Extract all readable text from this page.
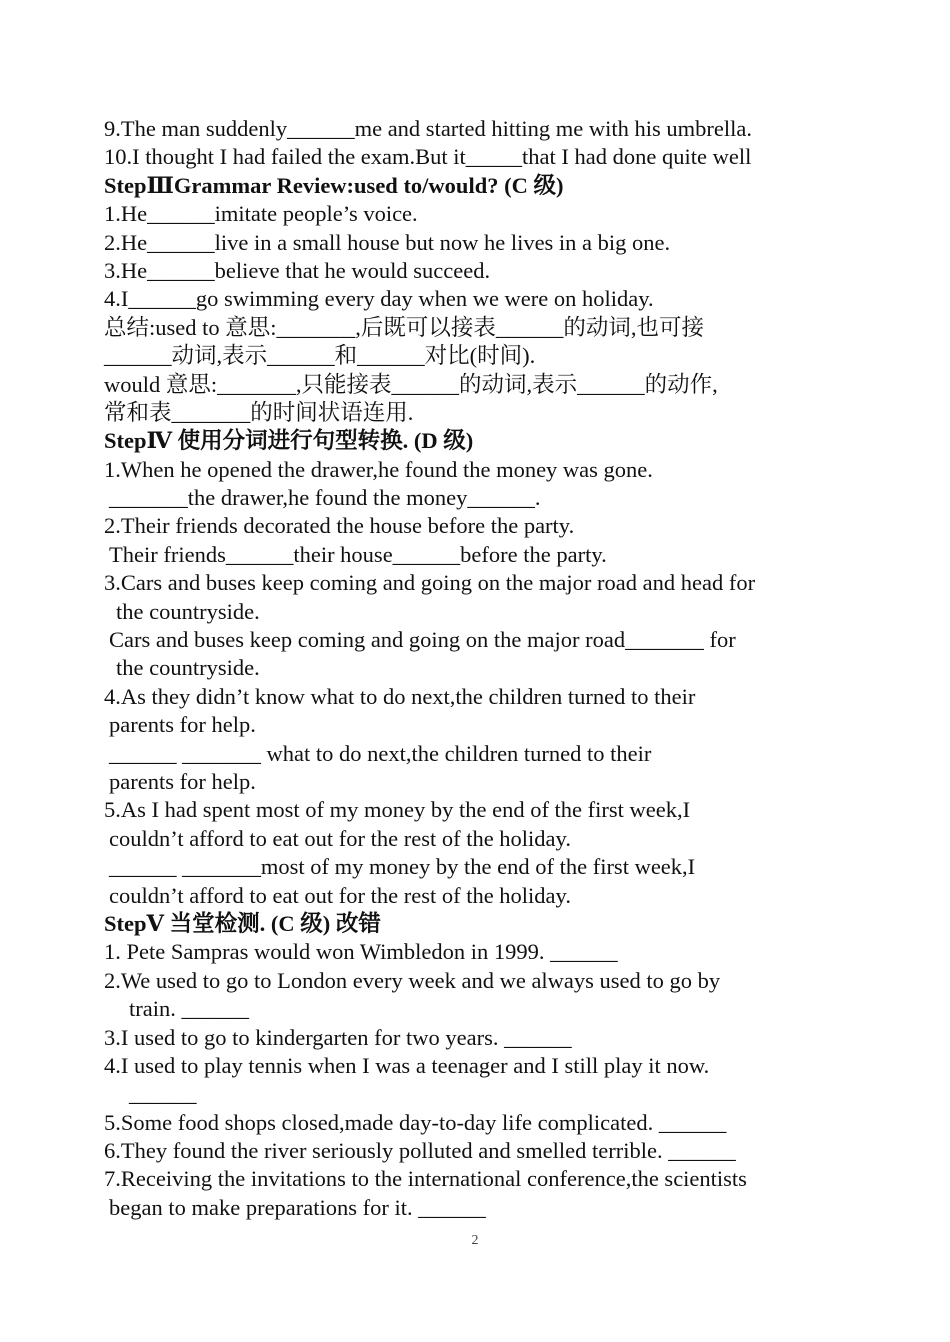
9.The man suddenly______me and started hitting me with his umbrella.
10.I thought I had failed the exam.But it_____that I had done quite well
StepⅢGrammar Review:used to/would? (C 级)
1.He______imitate people’s voice.
2.He______live in a small house but now he lives in a big one.
3.He______believe that he would succeed.
4.I______go swimming every day when we were on holiday.
总结:used to 意思:_______,后既可以接表______的动词,也可接
______动词,表示______和______对比(时间).
would 意思:_______,只能接表______的动词,表示______的动作,
常和表_______的时间状语连用.
StepⅣ 使用分词进行句型转换. (D 级)
1.When he opened the drawer,he found the money was gone.
_______the drawer,he found the money______.
2.Their friends decorated the house before the party.
Their friends______their house______before the party.
3.Cars and buses keep coming and going on the major road and head for
the countryside.
Cars and buses keep coming and going on the major road_______ for
the countryside.
4.As they didn’t know what to do next,the children turned to their
parents for help.
______ _______ what to do next,the children turned to their
parents for help.
5.As I had spent most of my money by the end of the first week,I
couldn’t afford to eat out for the rest of the holiday.
______ _______most of my money by the end of the first week,I
couldn’t afford to eat out for the rest of the holiday.
StepⅤ 当堂检测. (C 级) 改错
1. Pete Sampras would won Wimbledon in 1999. ______
2.We used to go to London every week and we always used to go by
train. ______
3.I used to go to kindergarten for two years. ______
4.I used to play tennis when I was a teenager and I still play it now.
______
5.Some food shops closed,made day-to-day life complicated. ______
6.They found the river seriously polluted and smelled terrible. ______
7.Receiving the invitations to the international conference,the scientists
began to make preparations for it. ______
2
